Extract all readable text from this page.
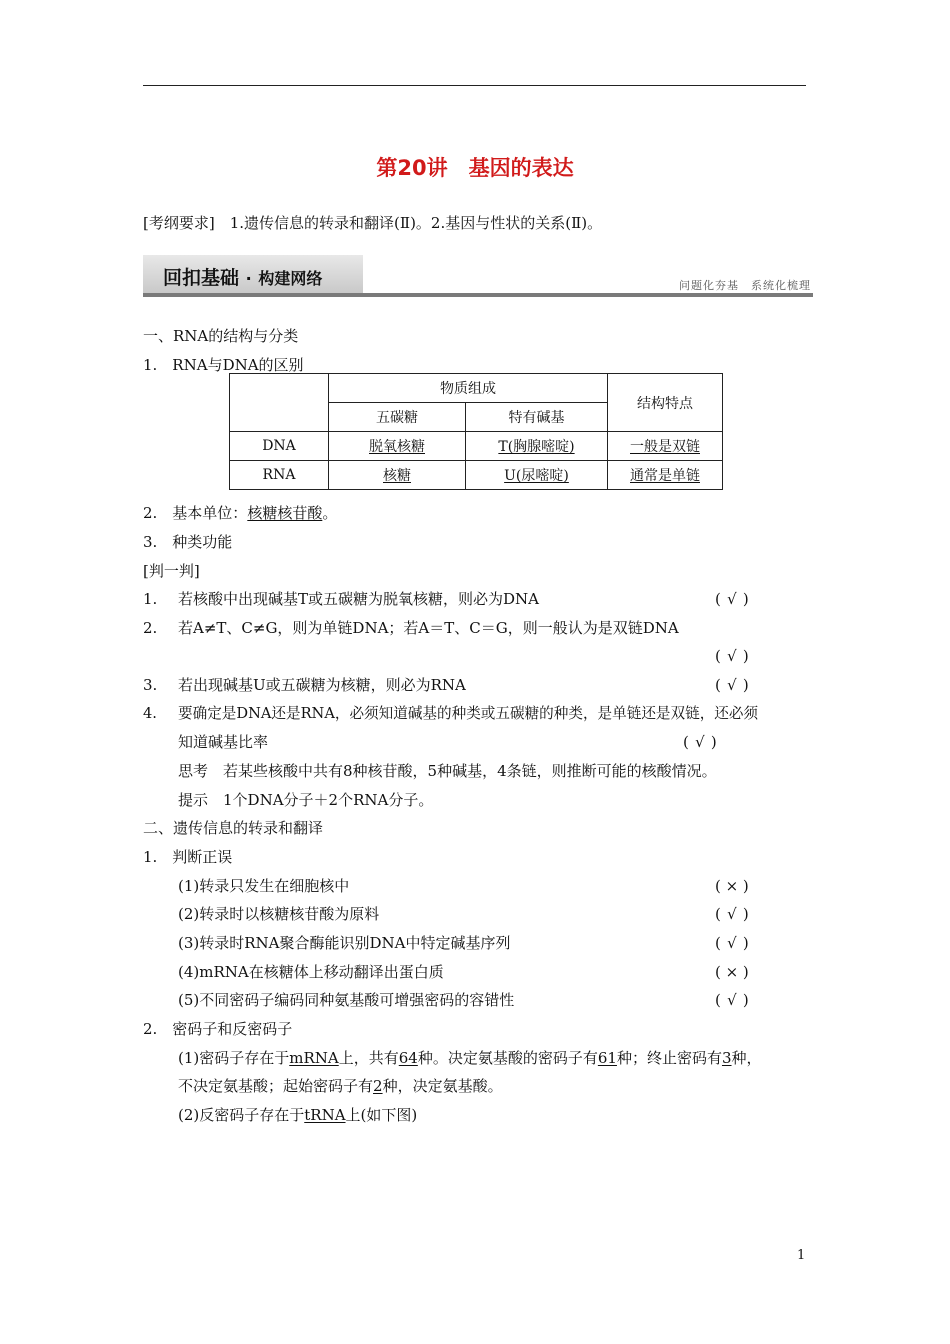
第20讲　基因的表达
[考纲要求]　1.遗传信息的转录和翻译(Ⅱ)。2.基因与性状的关系(Ⅱ)。
回扣基础 · 构建网络	问题化夯基　系统化梳理
一、RNA的结构与分类
1.　RNA与DNA的区别
	物质组成		结构特点
	五碳糖	特有碱基	
DNA	脱氧核糖	T(胸腺嘧啶)	一般是双链
RNA	核糖	U(尿嘧啶)	通常是单链
2.　基本单位：核糖核苷酸。
3.　种类功能
[判一判]
1. 若核酸中出现碱基T或五碳糖为脱氧核糖，则必为DNA	( √ )
2. 若A≠T、C≠G，则为单链DNA；若A＝T、C＝G，则一般认为是双链DNA
( √ )
3. 若出现碱基U或五碳糖为核糖，则必为RNA	( √ )
4. 要确定是DNA还是RNA，必须知道碱基的种类或五碳糖的种类，是单链还是双链，还必须
知道碱基比率	( √ )
思考　若某些核酸中共有8种核苷酸，5种碱基，4条链，则推断可能的核酸情况。
提示　1个DNA分子＋2个RNA分子。
二、遗传信息的转录和翻译
1.　判断正误
(1)转录只发生在细胞核中	( × )
(2)转录时以核糖核苷酸为原料	( √ )
(3)转录时RNA聚合酶能识别DNA中特定碱基序列	( √ )
(4)mRNA在核糖体上移动翻译出蛋白质	( × )
(5)不同密码子编码同种氨基酸可增强密码的容错性	( √ )
2.　密码子和反密码子
(1)密码子存在于mRNA上，共有64种。决定氨基酸的密码子有61种；终止密码有3种，
不决定氨基酸；起始密码子有2种，决定氨基酸。
(2)反密码子存在于tRNA上(如下图)
1
